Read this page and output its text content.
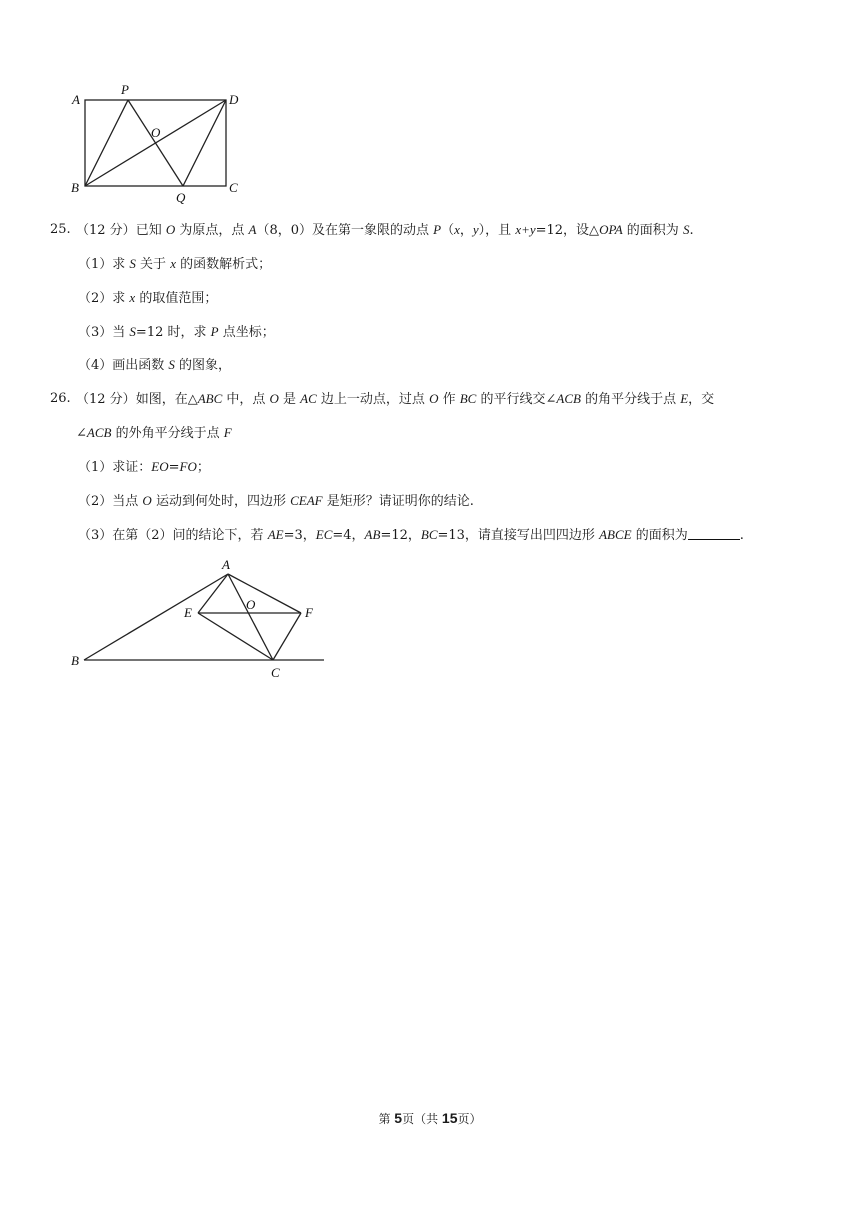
A
P
D
O
B
Q
C
25. （12 分）已知 O 为原点，点 A（8，0）及在第一象限的动点 P（x，y），且 x+y=12，设△OPA 的面积为 S.
（1）求 S 关于 x 的函数解析式；
（2）求 x 的取值范围；
（3）当 S=12 时，求 P 点坐标；
（4）画出函数 S 的图象，
26. （12 分）如图，在△ABC 中，点 O 是 AC 边上一动点，过点 O 作 BC 的平行线交∠ACB 的角平分线于点 E，交
∠ACB 的外角平分线于点 F
（1）求证：EO=FO；
（2）当点 O 运动到何处时，四边形 CEAF 是矩形？请证明你的结论.
（3）在第（2）问的结论下，若 AE=3，EC=4，AB=12，BC=13，请直接写出凹四边形 ABCE 的面积为	.
A
E
O
F
B
C
第 5页（共 15页）
